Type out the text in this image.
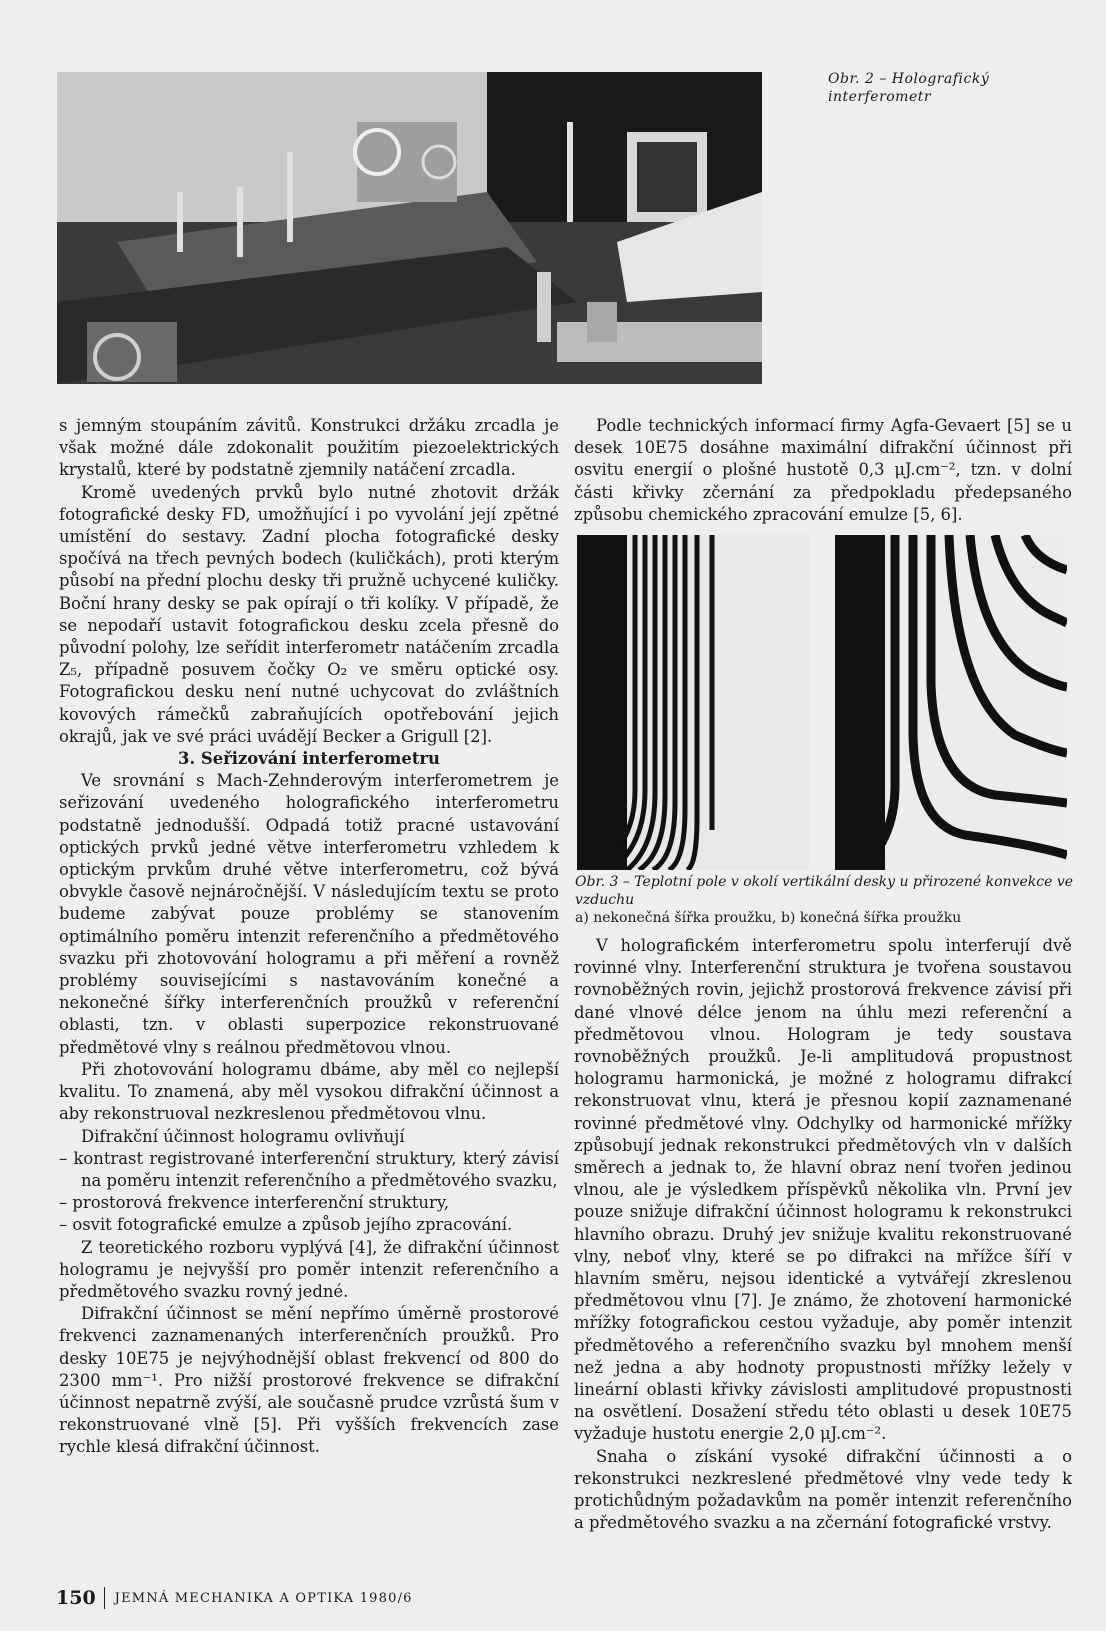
Obr. 2 – Holografický interferometr

s jemným stoupáním závitů. Konstrukci držáku zrcadla je však možné dále zdokonalit použitím piezoelektrických krystalů, které by podstatně zjemnily natáčení zrcadla.

Kromě uvedených prvků bylo nutné zhotovit držák fotografické desky FD, umožňující i po vyvolání její zpětné umístění do sestavy. Zadní plocha fotografické desky spočívá na třech pevných bodech (kuličkách), proti kterým působí na přední plochu desky tři pružně uchycené kuličky. Boční hrany desky se pak opírají o tři kolíky. V případě, že se nepodaří ustavit fotografickou desku zcela přesně do původní polohy, lze seřídit interferometr natáčením zrcadla Z₅, případně posuvem čočky O₂ ve směru optické osy. Fotografickou desku není nutné uchycovat do zvláštních kovových rámečků zabraňujících opotřebování jejich okrajů, jak ve své práci uvádějí Becker a Grigull [2].

3. Seřizování interferometru

Ve srovnání s Mach-Zehnderovým interferometrem je seřizování uvedeného holografického interferometru podstatně jednodušší. Odpadá totiž pracné ustavování optických prvků jedné větve interferometru vzhledem k optickým prvkům druhé větve interferometru, což bývá obvykle časově nejnáročnější. V následujícím textu se proto budeme zabývat pouze problémy se stanovením optimálního poměru intenzit referenčního a předmětového svazku při zhotovování hologramu a při měření a rovněž problémy souvisejícími s nastavováním konečné a nekonečné šířky interferenčních proužků v referenční oblasti, tzn. v oblasti superpozice rekonstruované předmětové vlny s reálnou předmětovou vlnou.

Při zhotovování hologramu dbáme, aby měl co nejlepší kvalitu. To znamená, aby měl vysokou difrakční účinnost a aby rekonstruoval nezkreslenou předmětovou vlnu.

Difrakční účinnost hologramu ovlivňují

– kontrast registrované interferenční struktury, který závisí na poměru intenzit referenčního a předmětového svazku,

– prostorová frekvence interferenční struktury,

– osvit fotografické emulze a způsob jejího zpracování.

Z teoretického rozboru vyplývá [4], že difrakční účinnost hologramu je nejvyšší pro poměr intenzit referenčního a předmětového svazku rovný jedné.

Difrakční účinnost se mění nepřímo úměrně prostorové frekvenci zaznamenaných interferenčních proužků. Pro desky 10E75 je nejvýhodnější oblast frekvencí od 800 do 2300 mm⁻¹. Pro nižší prostorové frekvence se difrakční účinnost nepatrně zvýší, ale současně prudce vzrůstá šum v rekonstruované vlně [5]. Při vyšších frekvencích zase rychle klesá difrakční účinnost.

Podle technických informací firmy Agfa-Gevaert [5] se u desek 10E75 dosáhne maximální difrakční účinnost při osvitu energií o plošné hustotě 0,3 μJ.cm⁻², tzn. v dolní části křivky zčernání za předpokladu předepsaného způsobu chemického zpracování emulze [5, 6].

Obr. 3 – Teplotní pole v okolí vertikální desky u přirozené konvekce ve vzduchu
a) nekonečná šířka proužku, b) konečná šířka proužku

V holografickém interferometru spolu interferují dvě rovinné vlny. Interferenční struktura je tvořena soustavou rovnoběžných rovin, jejichž prostorová frekvence závisí při dané vlnové délce jenom na úhlu mezi referenční a předmětovou vlnou. Hologram je tedy soustava rovnoběžných proužků. Je-li amplitudová propustnost hologramu harmonická, je možné z hologramu difrakcí rekonstruovat vlnu, která je přesnou kopií zaznamenané rovinné předmětové vlny. Odchylky od harmonické mřížky způsobují jednak rekonstrukci předmětových vln v dalších směrech a jednak to, že hlavní obraz není tvořen jedinou vlnou, ale je výsledkem příspěvků několika vln. První jev pouze snižuje difrakční účinnost hologramu k rekonstrukci hlavního obrazu. Druhý jev snižuje kvalitu rekonstruované vlny, neboť vlny, které se po difrakci na mřížce šíří v hlavním směru, nejsou identické a vytvářejí zkreslenou předmětovou vlnu [7]. Je známo, že zhotovení harmonické mřížky fotografickou cestou vyžaduje, aby poměr intenzit předmětového a referenčního svazku byl mnohem menší než jedna a aby hodnoty propustnosti mřížky ležely v lineární oblasti křivky závislosti amplitudové propustnosti na osvětlení. Dosažení středu této oblasti u desek 10E75 vyžaduje hustotu energie 2,0 μJ.cm⁻².

Snaha o získání vysoké difrakční účinnosti a o rekonstrukci nezkreslené předmětové vlny vede tedy k protichůdným požadavkům na poměr intenzit referenčního a předmětového svazku a na zčernání fotografické vrstvy.

150 JEMNÁ MECHANIKA A OPTIKA 1980/6
